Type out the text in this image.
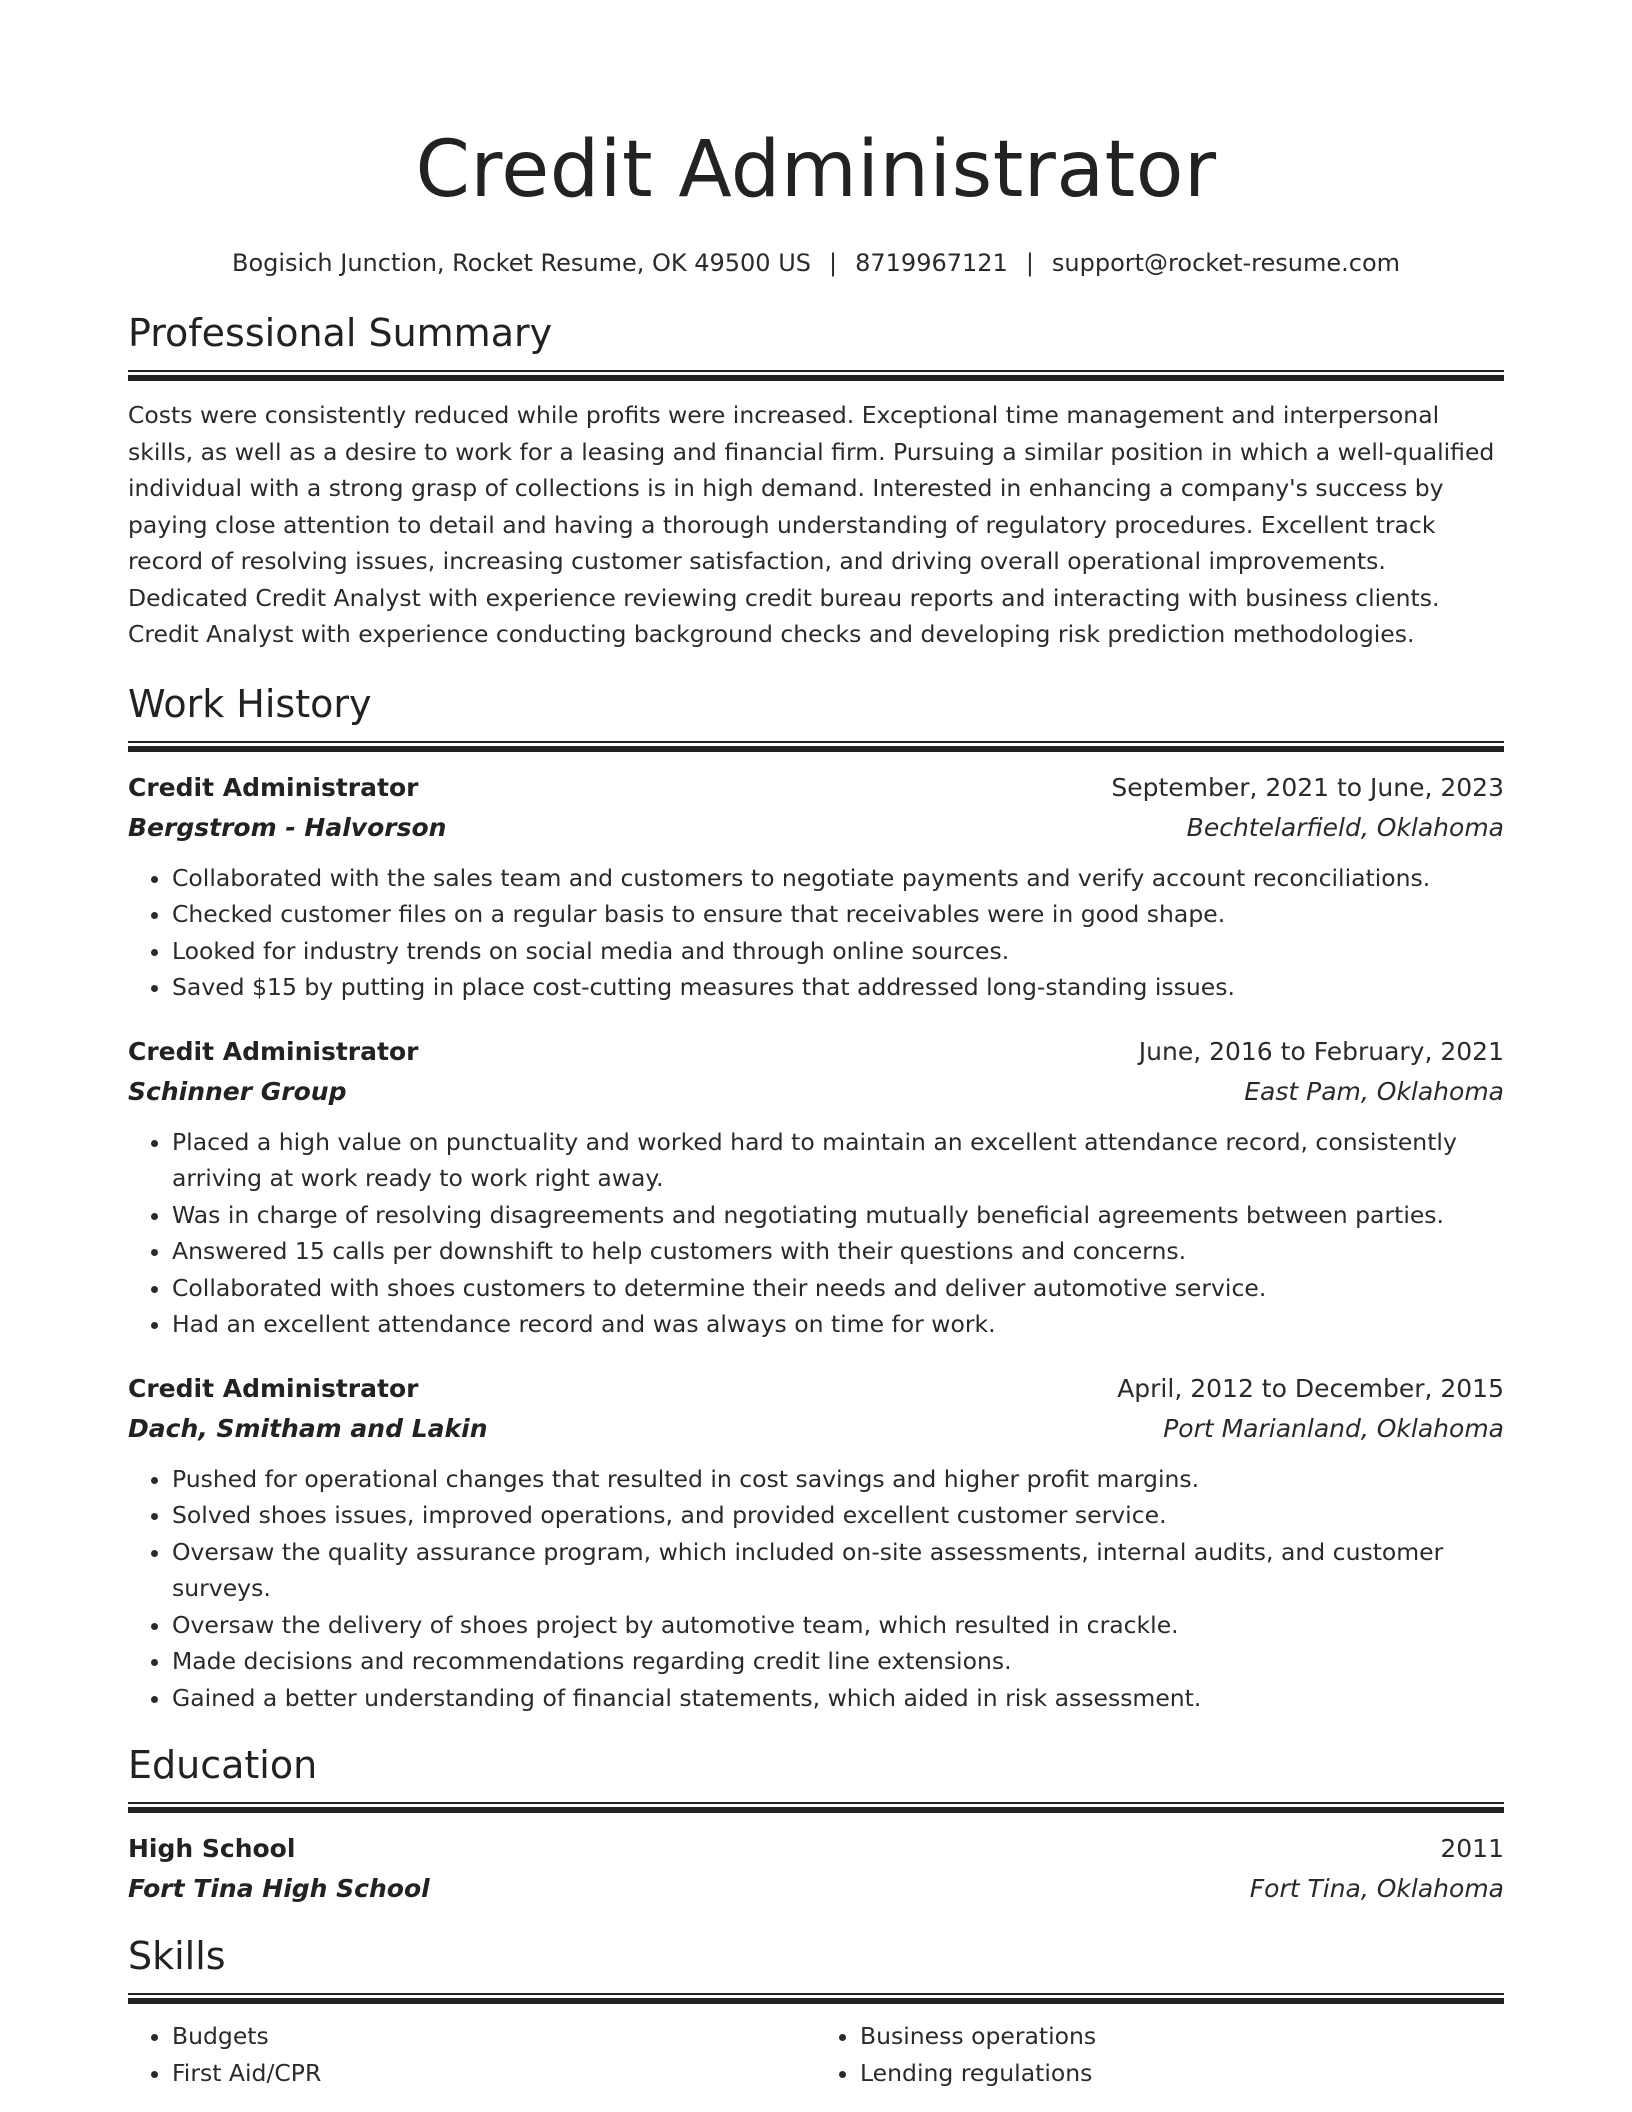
Credit Administrator
Bogisich Junction, Rocket Resume, OK 49500 US | 8719967121 | support@rocket-resume.com
Professional Summary
Costs were consistently reduced while profits were increased. Exceptional time management and interpersonal skills, as well as a desire to work for a leasing and financial firm. Pursuing a similar position in which a well-qualified individual with a strong grasp of collections is in high demand. Interested in enhancing a company's success by paying close attention to detail and having a thorough understanding of regulatory procedures. Excellent track record of resolving issues, increasing customer satisfaction, and driving overall operational improvements. Dedicated Credit Analyst with experience reviewing credit bureau reports and interacting with business clients. Credit Analyst with experience conducting background checks and developing risk prediction methodologies.
Work History
Credit Administrator	September, 2021 to June, 2023
Bergstrom - Halvorson	Bechtelarfield, Oklahoma
• Collaborated with the sales team and customers to negotiate payments and verify account reconciliations.
• Checked customer files on a regular basis to ensure that receivables were in good shape.
• Looked for industry trends on social media and through online sources.
• Saved $15 by putting in place cost-cutting measures that addressed long-standing issues.
Credit Administrator	June, 2016 to February, 2021
Schinner Group	East Pam, Oklahoma
• Placed a high value on punctuality and worked hard to maintain an excellent attendance record, consistently arriving at work ready to work right away.
• Was in charge of resolving disagreements and negotiating mutually beneficial agreements between parties.
• Answered 15 calls per downshift to help customers with their questions and concerns.
• Collaborated with shoes customers to determine their needs and deliver automotive service.
• Had an excellent attendance record and was always on time for work.
Credit Administrator	April, 2012 to December, 2015
Dach, Smitham and Lakin	Port Marianland, Oklahoma
• Pushed for operational changes that resulted in cost savings and higher profit margins.
• Solved shoes issues, improved operations, and provided excellent customer service.
• Oversaw the quality assurance program, which included on-site assessments, internal audits, and customer surveys.
• Oversaw the delivery of shoes project by automotive team, which resulted in crackle.
• Made decisions and recommendations regarding credit line extensions.
• Gained a better understanding of financial statements, which aided in risk assessment.
Education
High School	2011
Fort Tina High School	Fort Tina, Oklahoma
Skills
• Budgets
• First Aid/CPR
• Business operations
• Lending regulations
